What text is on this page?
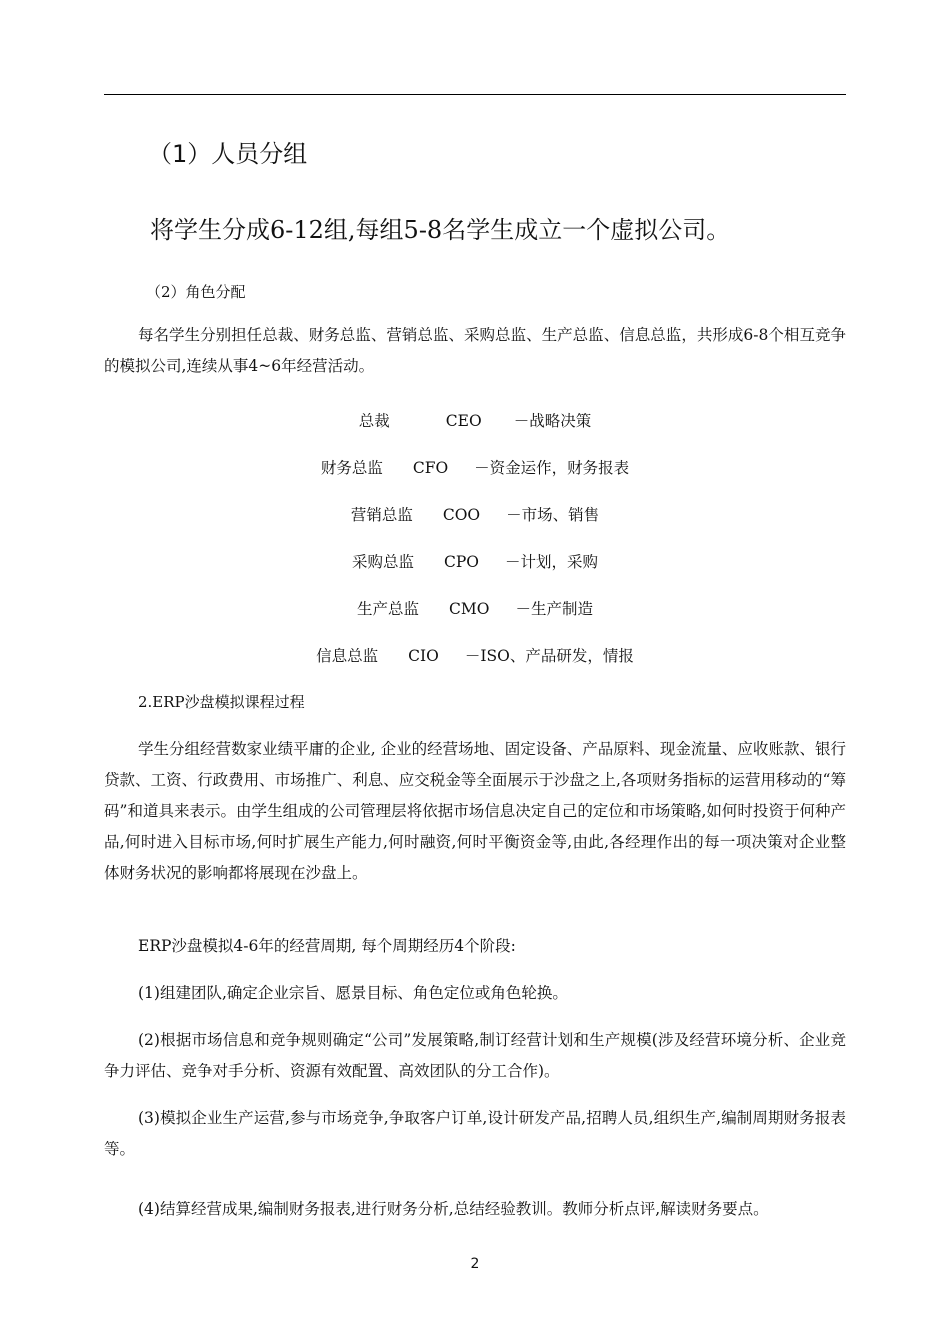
（1）人员分组
将学生分成6-12组,每组5-8名学生成立一个虚拟公司。
（2）角色分配
每名学生分别担任总裁、财务总监、营销总监、采购总监、生产总监、信息总监，共形成6-8个相互竞争的模拟公司,连续从事4~6年经营活动。
总裁	CEO －战略决策
财务总监 CFO －资金运作，财务报表
营销总监 COO －市场、销售
采购总监 CPO －计划，采购
生产总监 CMO －生产制造
信息总监 CIO －ISO、产品研发，情报
2.ERP沙盘模拟课程过程
学生分组经营数家业绩平庸的企业, 企业的经营场地、固定设备、产品原料、现金流量、应收账款、银行贷款、工资、行政费用、市场推广、利息、应交税金等全面展示于沙盘之上,各项财务指标的运营用移动的“筹码”和道具来表示。由学生组成的公司管理层将依据市场信息决定自己的定位和市场策略,如何时投资于何种产品,何时进入目标市场,何时扩展生产能力,何时融资,何时平衡资金等,由此,各经理作出的每一项决策对企业整体财务状况的影响都将展现在沙盘上。
ERP沙盘模拟4-6年的经营周期, 每个周期经历4个阶段:
(1)组建团队,确定企业宗旨、愿景目标、角色定位或角色轮换。
(2)根据市场信息和竞争规则确定“公司”发展策略,制订经营计划和生产规模(涉及经营环境分析、企业竞争力评估、竞争对手分析、资源有效配置、高效团队的分工合作)。
(3)模拟企业生产运营,参与市场竞争,争取客户订单,设计研发产品,招聘人员,组织生产,编制周期财务报表等。
(4)结算经营成果,编制财务报表,进行财务分析,总结经验教训。教师分析点评,解读财务要点。
2
